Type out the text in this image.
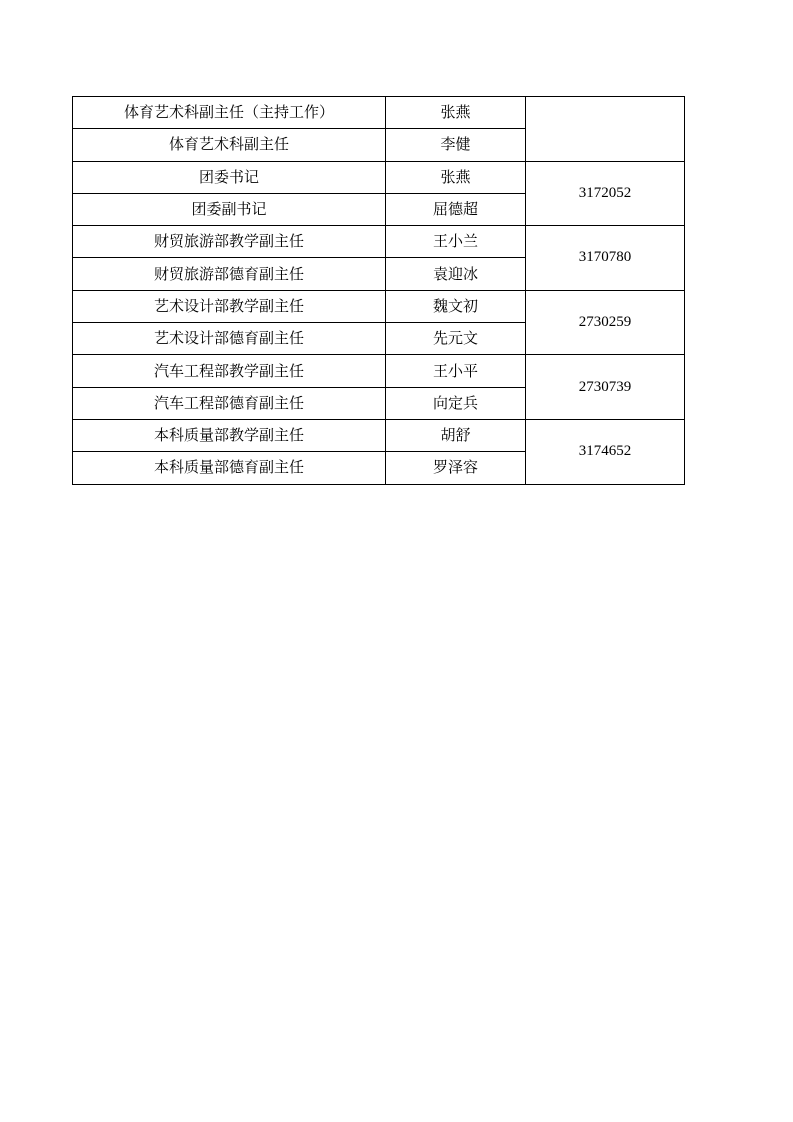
体育艺术科副主任（主持工作）	张燕	
体育艺术科副主任	李健	
团委书记	张燕	3172052
团委副书记	屈德超	
财贸旅游部教学副主任	王小兰	3170780
财贸旅游部德育副主任	袁迎冰	
艺术设计部教学副主任	魏文初	2730259
艺术设计部德育副主任	先元文	
汽车工程部教学副主任	王小平	2730739
汽车工程部德育副主任	向定兵	
本科质量部教学副主任	胡舒	3174652
本科质量部德育副主任	罗泽容	
